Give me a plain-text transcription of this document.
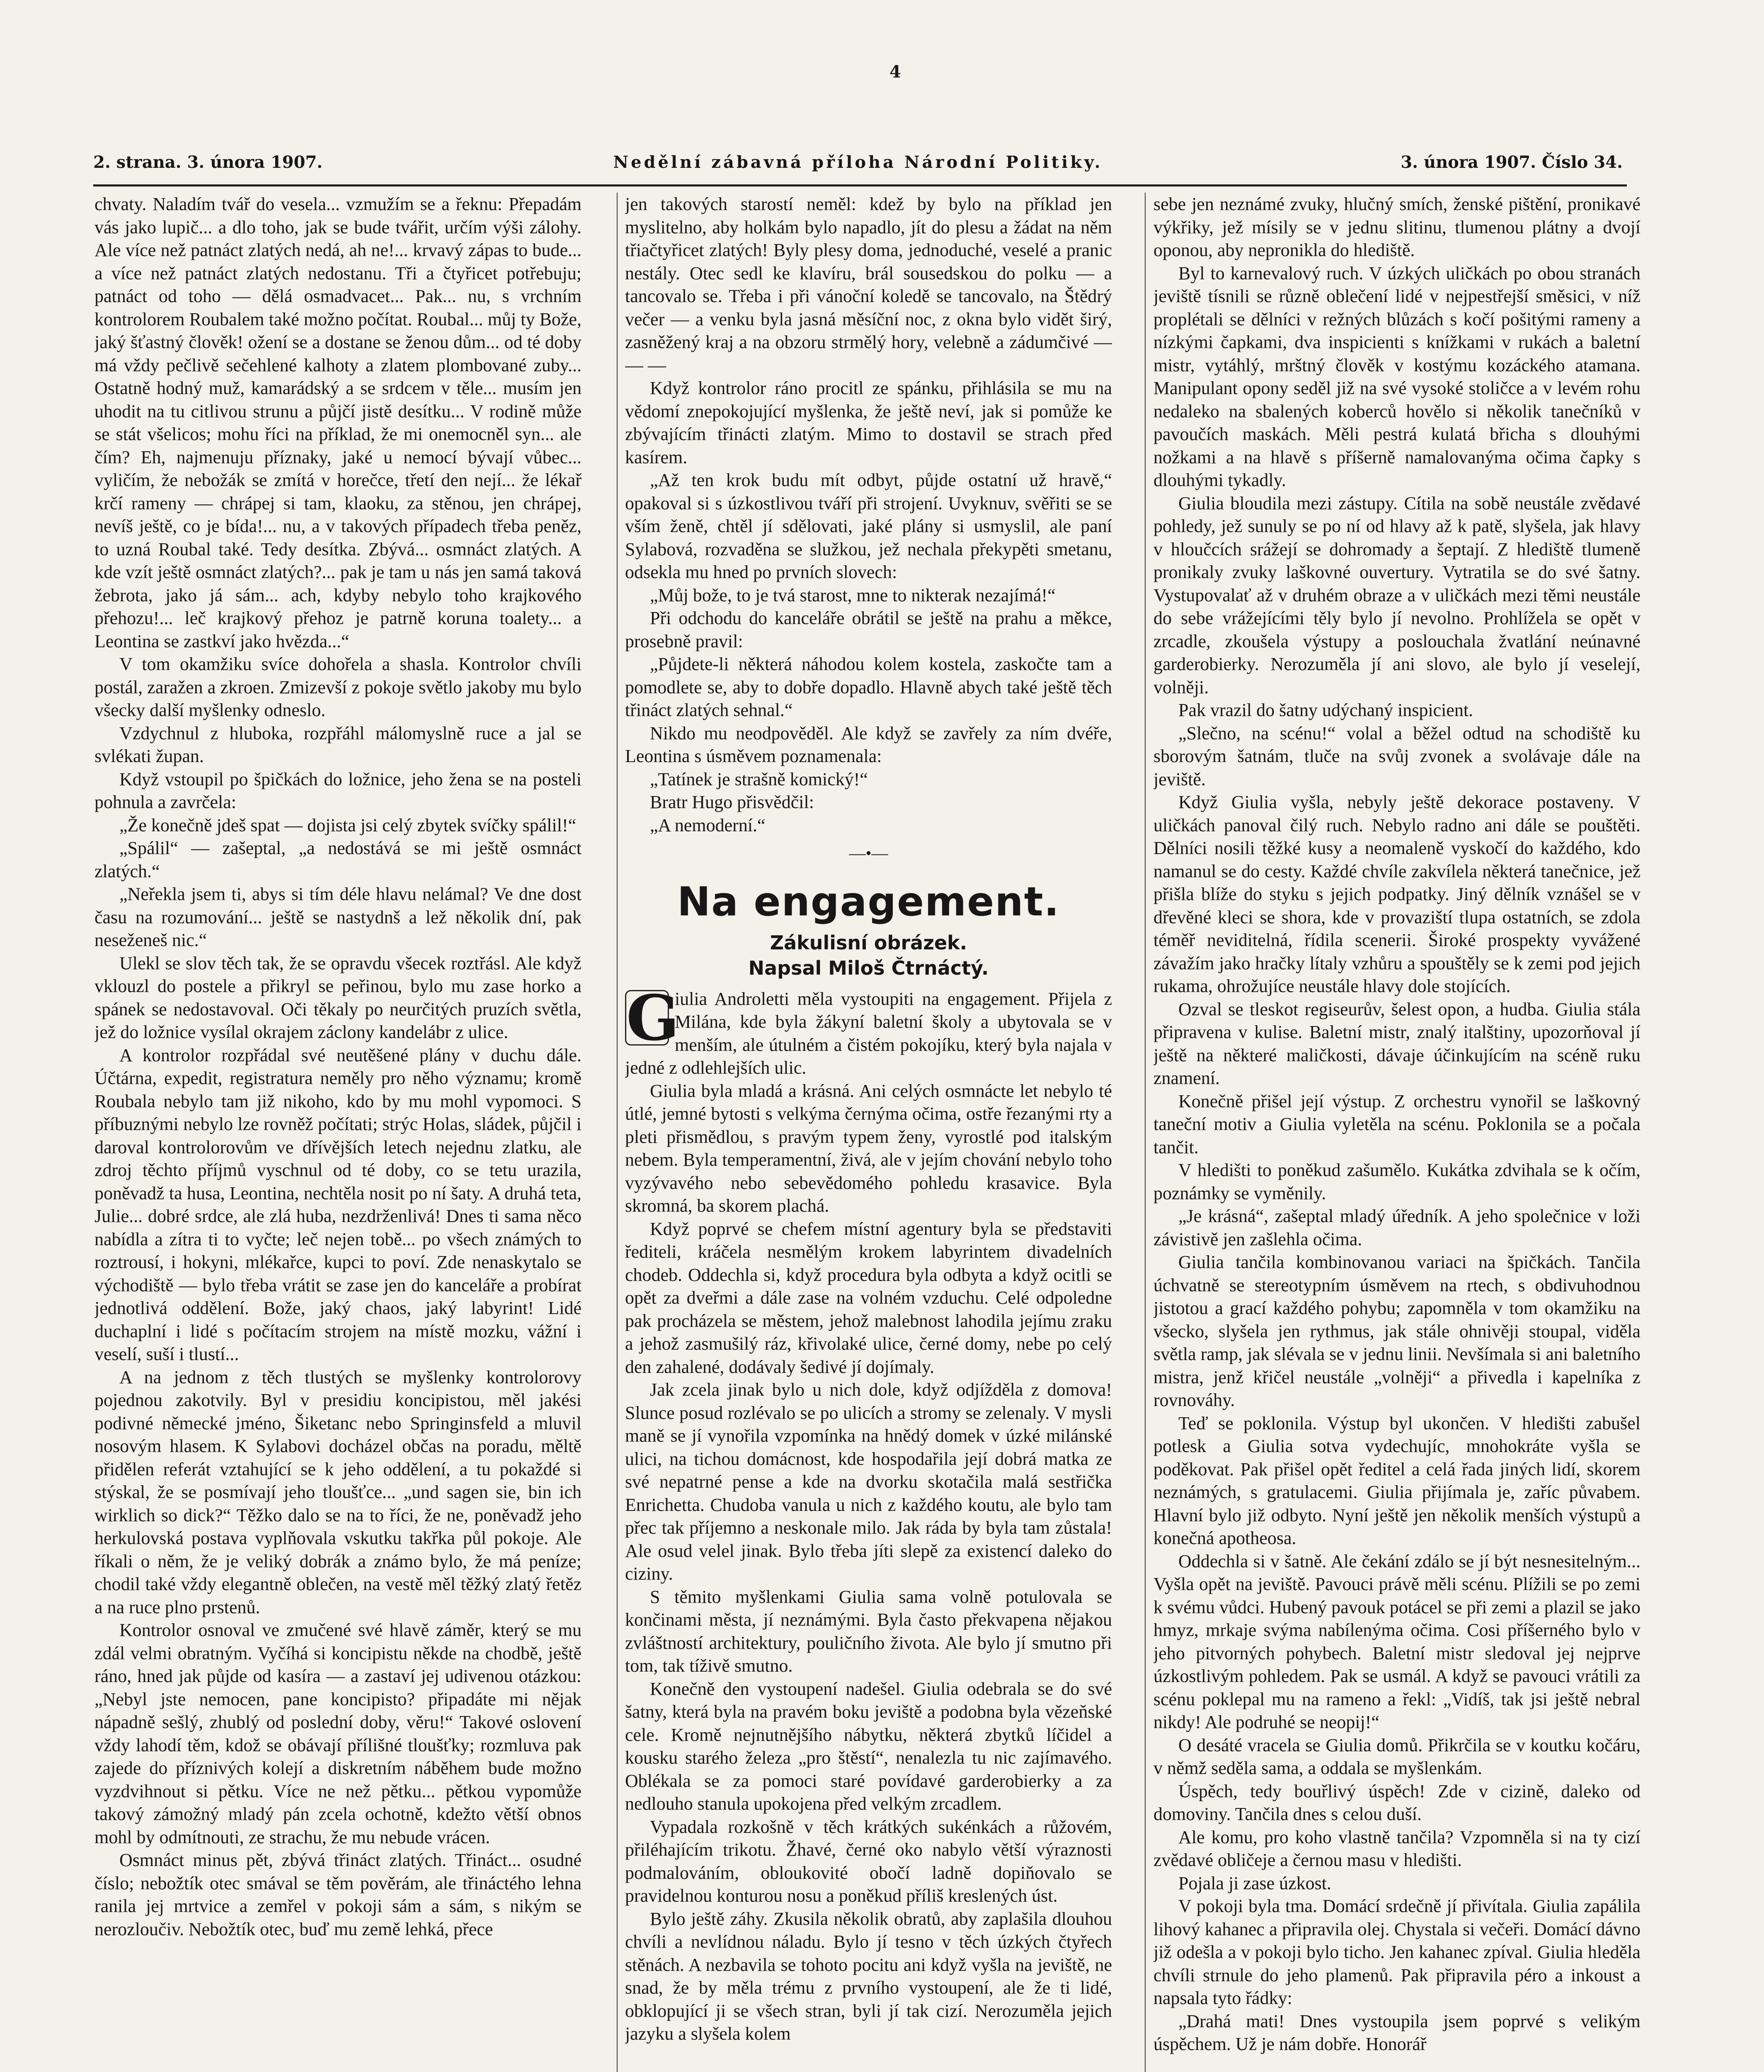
4
2. strana. 3. února 1907.	Nedělní zábavná příloha Národní Politiky.	3. února 1907. Číslo 34.

chvaty. Naladím tvář do vesela... vzmužím se a řeknu: Přepadám vás jako lupič... a dlo toho, jak se bude tvářit, určím výši zálohy. Ale více než patnáct zlatých nedá, ah ne!... krvavý zápas to bude... a více než patnáct zlatých nedostanu. Tři a čtyřicet potřebuju; patnáct od toho — dělá osmadvacet... Pak... nu, s vrchním kontrolorem Roubalem také možno počítat. Roubal... můj ty Bože, jaký šťastný člověk! ožení se a dostane se ženou dům... od té doby má vždy pečlivě sečehlené kalhoty a zlatem plombované zuby... Ostatně hodný muž, kamarádský a se srdcem v těle... musím jen uhodit na tu citlivou strunu a půjčí jistě desítku... V rodině může se stát všelicos; mohu říci na příklad, že mi onemocněl syn... ale čím? Eh, najmenuju příznaky, jaké u nemocí bývají vůbec... vyličím, že nebožák se zmítá v horečce, třetí den nejí... že lékař krčí rameny — chrápej si tam, klaoku, za stěnou, jen chrápej, nevíš ještě, co je bída!... nu, a v takových případech třeba peněz, to uzná Roubal také. Tedy desítka. Zbývá... osmnáct zlatých. A kde vzít ještě osmnáct zlatých?... pak je tam u nás jen samá taková žebrota, jako já sám... ach, kdyby nebylo toho krajkového přehozu!... leč krajkový přehoz je patrně koruna toalety... a Leontina se zastkví jako hvězda...“

V tom okamžiku svíce dohořela a shasla. Kontrolor chvíli postál, zaražen a zkroen. Zmizevší z pokoje světlo jakoby mu bylo všecky další myšlenky odneslo.

Vzdychnul z hluboka, rozpřáhl málomyslně ruce a jal se svlékati župan.

Když vstoupil po špičkách do ložnice, jeho žena se na posteli pohnula a zavrčela:

„Že konečně jdeš spat — dojista jsi celý zbytek svíčky spálil!“

„Spálil“ — zašeptal, „a nedostává se mi ještě osmnáct zlatých.“

„Neřekla jsem ti, abys si tím déle hlavu nelámal? Ve dne dost času na rozumování... ještě se nastydnš a lež několik dní, pak neseženeš nic.“

Ulekl se slov těch tak, že se opravdu všecek roztřásl. Ale když vklouzl do postele a přikryl se peřinou, bylo mu zase horko a spánek se nedostavoval. Oči těkaly po neurčitých pruzích světla, jež do ložnice vysílal okrajem záclony kandelábr z ulice.

A kontrolor rozpřádal své neutěšené plány v duchu dále. Účtárna, expedit, registratura neměly pro něho významu; kromě Roubala nebylo tam již nikoho, kdo by mu mohl vypomoci. S příbuznými nebylo lze rovněž počítati; strýc Holas, sládek, půjčil i daroval kontrolorovům ve dřívějších letech nejednu zlatku, ale zdroj těchto příjmů vyschnul od té doby, co se tetu urazila, poněvadž ta husa, Leontina, nechtěla nosit po ní šaty. A druhá teta, Julie... dobré srdce, ale zlá huba, nezdrženlivá! Dnes ti sama něco nabídla a zítra ti to vyčte; leč nejen tobě... po všech známých to roztrousí, i hokyni, mlékařce, kupci to poví. Zde nenaskytalo se východiště — bylo třeba vrátit se zase jen do kanceláře a probírat jednotlivá oddělení. Bože, jaký chaos, jaký labyrint! Lidé duchaplní i lidé s počítacím strojem na místě mozku, vážní i veselí, suší i tlustí...

A na jednom z těch tlustých se myšlenky kontrolorovy pojednou zakotvily. Byl v presidiu koncipistou, měl jakési podivné německé jméno, Šiketanc nebo Springinsfeld a mluvil nosovým hlasem. K Sylabovi docházel občas na poradu, měltě přidělen referát vztahující se k jeho oddělení, a tu pokaždé si stýskal, že se posmívají jeho tloušťce... „und sagen sie, bin ich wirklich so dick?“ Těžko dalo se na to říci, že ne, poněvadž jeho herkulovská postava vyplňovala vskutku takřka půl pokoje. Ale říkali o něm, že je veliký dobrák a známo bylo, že má peníze; chodil také vždy elegantně oblečen, na vestě měl těžký zlatý řetěz a na ruce plno prstenů.

Kontrolor osnoval ve zmučené své hlavě záměr, který se mu zdál velmi obratným. Vyčíhá si koncipistu někde na chodbě, ještě ráno, hned jak půjde od kasíra — a zastaví jej udivenou otázkou: „Nebyl jste nemocen, pane koncipisto? připadáte mi nějak nápadně sešlý, zhublý od poslední doby, věru!“ Takové oslovení vždy lahodí těm, kdož se obávají přílišné tloušťky; rozmluva pak zajede do příznivých kolejí a diskretním náběhem bude možno vyzdvihnout si pětku. Více ne než pětku... pětkou vypomůže takový zámožný mladý pán zcela ochotně, kdežto větší obnos mohl by odmítnouti, ze strachu, že mu nebude vrácen.

Osmnáct minus pět, zbývá třináct zlatých. Třináct... osudné číslo; nebožtík otec smával se těm pověrám, ale třináctého lehna ranila jej mrtvice a zemřel v pokoji sám a sám, s nikým se nerozloučiv. Nebožtík otec, buď mu země lehká, přece

jen takových starostí neměl: kdež by bylo na příklad jen myslitelno, aby holkám bylo napadlo, jít do plesu a žádat na něm třiačtyřicet zlatých! Byly plesy doma, jednoduché, veselé a pranic nestály. Otec sedl ke klavíru, brál sousedskou do polku — a tancovalo se. Třeba i při vánoční koledě se tancovalo, na Štědrý večer — a venku byla jasná měsíční noc, z okna bylo vidět širý, zasněžený kraj a na obzoru strmělý hory, velebně a zádumčivé — — —

Když kontrolor ráno procitl ze spánku, přihlásila se mu na vědomí znepokojující myšlenka, že ještě neví, jak si pomůže ke zbývajícím třinácti zlatým. Mimo to dostavil se strach před kasírem.

„Až ten krok budu mít odbyt, půjde ostatní už hravě,“ opakoval si s úzkostlivou tváří při strojení. Uvyknuv, svěřiti se se vším ženě, chtěl jí sdělovati, jaké plány si usmyslil, ale paní Sylabová, rozvaděna se služkou, jež nechala překypěti smetanu, odsekla mu hned po prvních slovech:

„Můj bože, to je tvá starost, mne to nikterak nezajímá!“

Při odchodu do kanceláře obrátil se ještě na prahu a měkce, prosebně pravil:

„Půjdete-li některá náhodou kolem kostela, zaskočte tam a pomodlete se, aby to dobře dopadlo. Hlavně abych také ještě těch třináct zlatých sehnal.“

Nikdo mu neodpověděl. Ale když se zavřely za ním dvéře, Leontina s úsměvem poznamenala:

„Tatínek je strašně komický!“

Bratr Hugo přisvědčil:

„A nemoderní.“

—•—
Na engagement.
Zákulisní obrázek.
Napsal Miloš Čtrnáctý.
G

iulia Androletti měla vystoupiti na engagement. Přijela z Milána, kde byla žákyní baletní školy a ubytovala se v menším, ale útulném a čistém pokojíku, který byla najala v jedné z odlehlejších ulic.

Giulia byla mladá a krásná. Ani celých osmnácte let nebylo té útlé, jemné bytosti s velkýma černýma očima, ostře řezanými rty a pleti přismědlou, s pravým typem ženy, vyrostlé pod italským nebem. Byla temperamentní, živá, ale v jejím chování nebylo toho vyzývavého nebo sebevědomého pohledu krasavice. Byla skromná, ba skorem plachá.

Když poprvé se chefem místní agentury byla se představiti řediteli, kráčela nesmělým krokem labyrintem divadelních chodeb. Oddechla si, když procedura byla odbyta a když ocitli se opět za dveřmi a dále zase na volném vzduchu. Celé odpoledne pak procházela se městem, jehož malebnost lahodila jejímu zraku a jehož zasmušilý ráz, křivolaké ulice, černé domy, nebe po celý den zahalené, dodávaly šedivé jí dojímaly.

Jak zcela jinak bylo u nich dole, když odjížděla z domova! Slunce posud rozlévalo se po ulicích a stromy se zelenaly. V mysli maně se jí vynořila vzpomínka na hnědý domek v úzké milánské ulici, na tichou domácnost, kde hospodařila její dobrá matka ze své nepatrné pense a kde na dvorku skotačila malá sestřička Enrichetta. Chudoba vanula u nich z každého koutu, ale bylo tam přec tak příjemno a neskonale milo. Jak ráda by byla tam zůstala! Ale osud velel jinak. Bylo třeba jíti slepě za existencí daleko do ciziny.

S těmito myšlenkami Giulia sama volně potulovala se končinami města, jí neznámými. Byla často překvapena nějakou zvláštností architektury, pouličního života. Ale bylo jí smutno při tom, tak tíživě smutno.

Konečně den vystoupení nadešel. Giulia odebrala se do své šatny, která byla na pravém boku jeviště a podobna byla vězeňské cele. Kromě nejnutnějšího nábytku, některá zbytků líčidel a kousku starého železa „pro štěstí“, nenalezla tu nic zajímavého. Oblékala se za pomoci staré povídavé garderobierky a za nedlouho stanula upokojena před velkým zrcadlem.

Vypadala rozkošně v těch krátkých sukénkách a růžovém, přiléhajícím trikotu. Žhavé, černé oko nabylo větší výraznosti podmalováním, obloukovité obočí ladně dopiňovalo se pravidelnou konturou nosu a poněkud příliš kreslených úst.

Bylo ještě záhy. Zkusila několik obratů, aby zaplašila dlouhou chvíli a nevlídnou náladu. Bylo jí tesno v těch úzkých čtyřech stěnách. A nezbavila se tohoto pocitu ani když vyšla na jeviště, ne snad, že by měla trému z prvního vystoupení, ale že ti lidé, obklopující ji se všech stran, byli jí tak cizí. Nerozuměla jejich jazyku a slyšela kolem

sebe jen neznámé zvuky, hlučný smích, ženské pištění, pronikavé výkřiky, jež mísily se v jednu slitinu, tlumenou plátny a dvojí oponou, aby nepronikla do hlediště.

Byl to karnevalový ruch. V úzkých uličkách po obou stranách jeviště tísnili se různě oblečení lidé v nejpestřejší směsici, v níž proplétali se dělníci v režných blůzách s kočí pošitými rameny a nízkými čapkami, dva inspicienti s knížkami v rukách a baletní mistr, vytáhlý, mrštný člověk v kostýmu kozáckého atamana. Manipulant opony seděl již na své vysoké stoličce a v levém rohu nedaleko na sbalených koberců hovělo si několik tanečníků v pavoučích maskách. Měli pestrá kulatá břicha s dlouhými nožkami a na hlavě s příšerně namalovanýma očima čapky s dlouhými tykadly.

Giulia bloudila mezi zástupy. Cítila na sobě neustále zvědavé pohledy, jež sunuly se po ní od hlavy až k patě, slyšela, jak hlavy v hloučcích srážejí se dohromady a šeptají. Z hlediště tlumeně pronikaly zvuky laškovné ouvertury. Vytratila se do své šatny. Vystupovalať až v druhém obraze a v uličkách mezi těmi neustále do sebe vrážejícími těly bylo jí nevolno. Prohlížela se opět v zrcadle, zkoušela výstupy a poslouchala žvatlání neúnavné garderobierky. Nerozuměla jí ani slovo, ale bylo jí veselejí, volněji.

Pak vrazil do šatny udýchaný inspicient.

„Slečno, na scénu!“ volal a běžel odtud na schodiště ku sborovým šatnám, tluče na svůj zvonek a svolávaje dále na jeviště.

Když Giulia vyšla, nebyly ještě dekorace postaveny. V uličkách panoval čilý ruch. Nebylo radno ani dále se pouštěti. Dělníci nosili těžké kusy a neomaleně vyskočí do každého, kdo namanul se do cesty. Každé chvíle zakvílela některá tanečnice, jež přišla blíže do styku s jejich podpatky. Jiný dělník vznášel se v dřevěné kleci se shora, kde v provaziští tlupa ostatních, se zdola téměř neviditelná, řídila scenerii. Široké prospekty vyvážené závažím jako hračky lítaly vzhůru a spouštěly se k zemi pod jejich rukama, ohrožujíce neustále hlavy dole stojících.

Ozval se tleskot regiseurův, šelest opon, a hudba. Giulia stála připravena v kulise. Baletní mistr, znalý italštiny, upozorňoval jí ještě na některé maličkosti, dávaje účinkujícím na scéně ruku znamení.

Konečně přišel její výstup. Z orchestru vynořil se laškovný taneční motiv a Giulia vyletěla na scénu. Poklonila se a počala tančit.

V hledišti to poněkud zašumělo. Kukátka zdvihala se k očím, poznámky se vyměnily.

„Je krásná“, zašeptal mladý úředník. A jeho společnice v loži závistivě jen zašlehla očima.

Giulia tančila kombinovanou variaci na špičkách. Tančila úchvatně se stereotypním úsměvem na rtech, s obdivuhodnou jistotou a grací každého pohybu; zapomněla v tom okamžiku na všecko, slyšela jen rythmus, jak stále ohnivěji stoupal, viděla světla ramp, jak slévala se v jednu linii. Nevšímala si ani baletního mistra, jenž křičel neustále „volněji“ a přivedla i kapelníka z rovnováhy.

Teď se poklonila. Výstup byl ukončen. V hledišti zabušel potlesk a Giulia sotva vydechujíc, mnohokráte vyšla se poděkovat. Pak přišel opět ředitel a celá řada jiných lidí, skorem neznámých, s gratulacemi. Giulia přijímala je, zaříc půvabem. Hlavní bylo již odbyto. Nyní ještě jen několik menších výstupů a konečná apotheosa.

Oddechla si v šatně. Ale čekání zdálo se jí být nesnesitelným... Vyšla opět na jeviště. Pavouci právě měli scénu. Plížili se po zemi k svému vůdci. Hubený pavouk potácel se při zemi a plazil se jako hmyz, mrkaje svýma nabílenýma očima. Cosi příšerného bylo v jeho pitvorných pohybech. Baletní mistr sledoval jej nejprve úzkostlivým pohledem. Pak se usmál. A když se pavouci vrátili za scénu poklepal mu na rameno a řekl: „Vidíš, tak jsi ještě nebral nikdy! Ale podruhé se neopij!“

O desáté vracela se Giulia domů. Přikrčila se v koutku kočáru, v němž seděla sama, a oddala se myšlenkám.

Úspěch, tedy bouřlivý úspěch! Zde v cizině, daleko od domoviny. Tančila dnes s celou duší.

Ale komu, pro koho vlastně tančila? Vzpomněla si na ty cizí zvědavé obličeje a černou masu v hledišti.

Pojala ji zase úzkost.

V pokoji byla tma. Domácí srdečně jí přivítala. Giulia zapálila lihový kahanec a připravila olej. Chystala si večeři. Domácí dávno již odešla a v pokoji bylo ticho. Jen kahanec zpíval. Giulia hleděla chvíli strnule do jeho plamenů. Pak připravila péro a inkoust a napsala tyto řádky:

„Drahá mati! Dnes vystoupila jsem poprvé s velikým úspěchem. Už je nám dobře. Honorář
